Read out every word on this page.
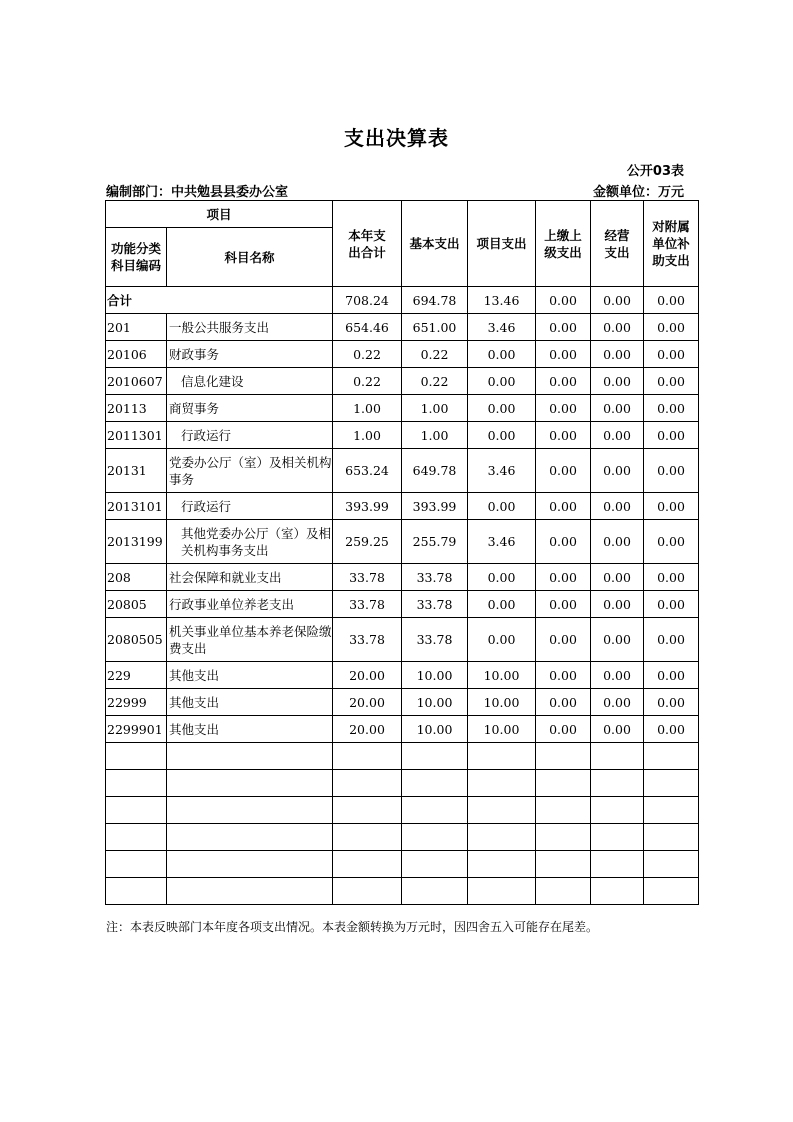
支出决算表
公开03表
编制部门：中共勉县县委办公室	金额单位：万元
项目		本年支出合计	基本支出	项目支出	上缴上级支出	经营支出	对附属单位补助支出

功能分类科目编码	科目名称						
合计		708.24	694.78	13.46	0.00	0.00	0.00
201	一般公共服务支出	654.46	651.00	3.46	0.00	0.00	0.00
20106	财政事务	0.22	0.22	0.00	0.00	0.00	0.00
2010607	信息化建设	0.22	0.22	0.00	0.00	0.00	0.00
20113	商贸事务	1.00	1.00	0.00	0.00	0.00	0.00
2011301	行政运行	1.00	1.00	0.00	0.00	0.00	0.00
20131	党委办公厅（室）及相关机构事务	653.24	649.78	3.46	0.00	0.00	0.00
2013101	行政运行	393.99	393.99	0.00	0.00	0.00	0.00
2013199	其他党委办公厅（室）及相关机构事务支出	259.25	255.79	3.46	0.00	0.00	0.00
208	社会保障和就业支出	33.78	33.78	0.00	0.00	0.00	0.00
20805	行政事业单位养老支出	33.78	33.78	0.00	0.00	0.00	0.00
2080505	机关事业单位基本养老保险缴费支出	33.78	33.78	0.00	0.00	0.00	0.00
229	其他支出	20.00	10.00	10.00	0.00	0.00	0.00
22999	其他支出	20.00	10.00	10.00	0.00	0.00	0.00
2299901	其他支出	20.00	10.00	10.00	0.00	0.00	0.00

注：本表反映部门本年度各项支出情况。本表金额转换为万元时，因四舍五入可能存在尾差。
